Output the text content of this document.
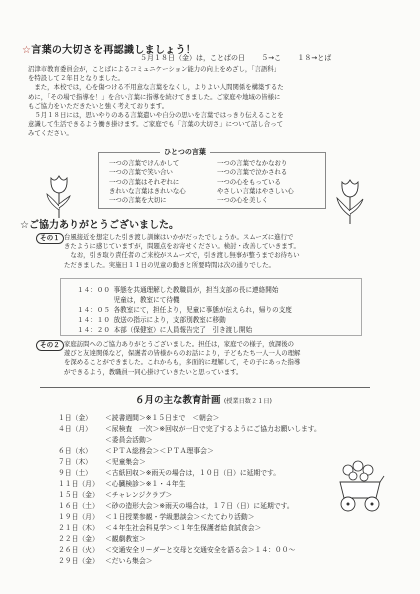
☆言葉の大切さを再認識しましょう！
５月１８日（金）は，ことばの日 ５→こ １８→とば
沼津市教育委員会が，ことばによるコミュニケーション能力の向上をめざし，「言語科」
を特設して２年目となりました。
　また，本校では，心を傷つける不用意な言葉をなくし，よりよい人間関係を構築するた
めに，「その場で指導を！」を合い言葉に指導を続けてきました。ご家庭や地域の皆様に
もご協力をいただきたいと強く考えております。
　５月１８日には，思いやりのある言葉遣いや自分の思いを言葉ではっきり伝えることを
意識して生活できるよう働き掛けます。ご家庭でも「言葉の大切さ」について話し合って
みてください。
一つの言葉でけんかして
一つの言葉で笑い合い
一つの言葉はそれぞれに
きれいな言葉はきれいな心
一つの言葉を大切に
一つの言葉でなかなおり
一つの言葉で泣かされる
一つの心をもっている
やさしい言葉はやさしい心
一つの心を美しく
ひとつの言葉
☆ご協力ありがとうございました。
その１ 台風接近を想定した引き渡し訓練はいかがだったでしょうか。スムーズに進行で
きたように感じていますが，問題点をお寄せください。検討・改善していきます。
　なお，引き取り責任者のご来校がスムーズで，引き渡し無事が整うまでお待ちい
ただきました。実施日１１日の児童の動きと所要時間は次の通りでした。
１４：００　 事態を共通理解した教職員が，担当支部の長に連絡開始
　児童は，教室にて待機
１４：０５　 各教室にて，担任より，児童に事態が伝えられ，帰りの支度
１４：１０　 放送の指示により，支部別教室に移動
１４：２０　 本部（保健室）に人員報告完了　引き渡し開始
その２ 家庭訪問へのご協力ありがとうございました。担任は，家庭での様子，放課後の
遊びと友達関係など，保護者の皆様からのお話により，子どもたち一人一人の理解
を深めることができました。これからも，多面的に理解して，その子にあった指導
ができるよう，教職員一同心掛けていきたいと思っています。
６月の主な教育計画 (授業日数２１日)
１日（金） ＜読書週間＞※１５日まで　＜朝会＞
４日（月） ＜尿検査　一次＞※回収が一日で完了するようにご協力お願いします。
＜委員会活動＞
６日（水） ＜ＰＴＡ総務会＞＜ＰＴＡ理事会＞
７日（木） ＜児童集会＞
９日（土） ＜古紙回収＞※雨天の場合は，１０日（日）に延期です。
１１日（月） ＜心臓検診＞※１・４年生
１５日（金） ＜チャレンジクラブ＞
１６日（土） ＜砂の造形大会＞※雨天の場合は，１７日（日）に延期です。
１９日（月） ＜１日授業参観・学級懇談会＞＜たてわり活動＞
２１日（木） ＜４年生社会科見学＞＜１年生保護者給食試食会＞
２２日（金） ＜観劇教室＞
２６日（火） ＜交通安全リーダーと交母と交通安全を語る会＞１４：００～
２９日（金） ＜だいら集会＞
